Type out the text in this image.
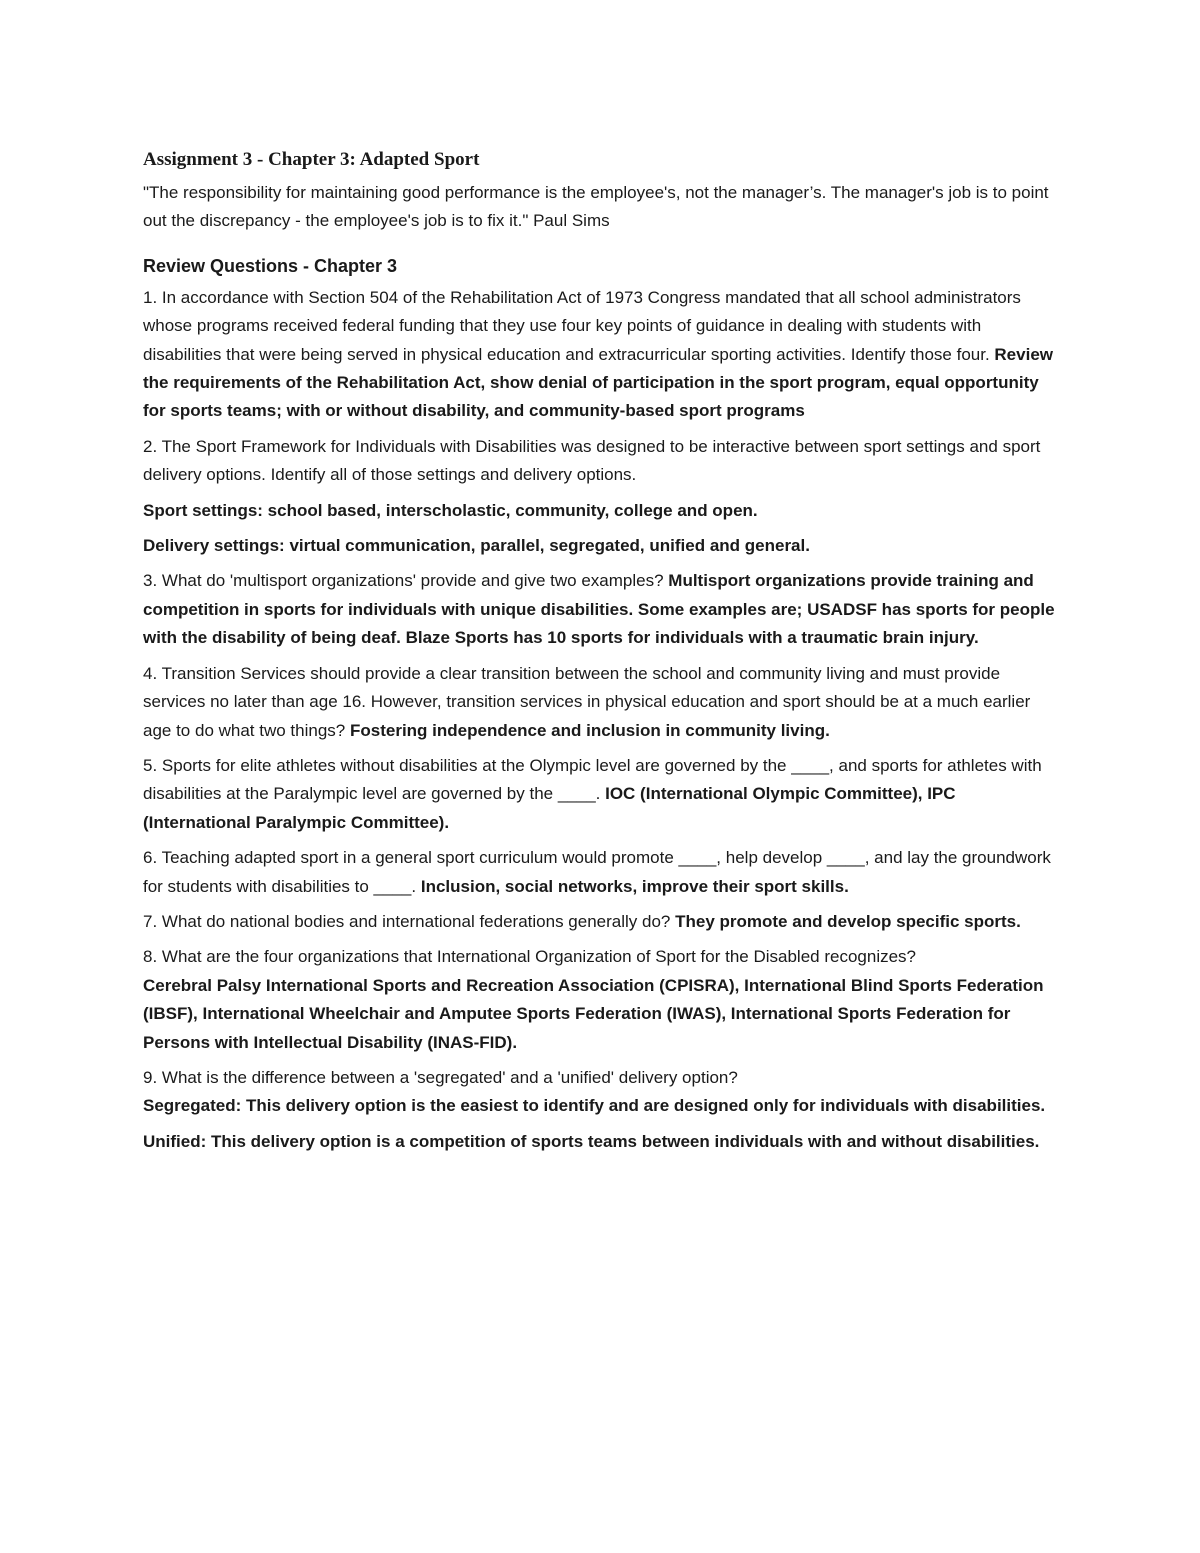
Assignment 3 - Chapter 3: Adapted Sport
"The responsibility for maintaining good performance is the employee's, not the manager’s. The manager's job is to point out the discrepancy - the employee's job is to fix it." Paul Sims
Review Questions - Chapter 3

1. In accordance with Section 504 of the Rehabilitation Act of 1973 Congress mandated that all school administrators whose programs received federal funding that they use four key points of guidance in dealing with students with disabilities that were being served in physical education and extracurricular sporting activities. Identify those four. Review the requirements of the Rehabilitation Act, show denial of participation in the sport program, equal opportunity for sports teams; with or without disability, and community-based sport programs

2. The Sport Framework for Individuals with Disabilities was designed to be interactive between sport settings and sport delivery options. Identify all of those settings and delivery options.

Sport settings: school based, interscholastic, community, college and open.

Delivery settings: virtual communication, parallel, segregated, unified and general.

3. What do 'multisport organizations' provide and give two examples? Multisport organizations provide training and competition in sports for individuals with unique disabilities. Some examples are; USADSF has sports for people with the disability of being deaf. Blaze Sports has 10 sports for individuals with a traumatic brain injury.

4. Transition Services should provide a clear transition between the school and community living and must provide services no later than age 16. However, transition services in physical education and sport should be at a much earlier age to do what two things? Fostering independence and inclusion in community living.

5. Sports for elite athletes without disabilities at the Olympic level are governed by the ____, and sports for athletes with disabilities at the Paralympic level are governed by the ____. IOC (International Olympic Committee), IPC (International Paralympic Committee).

6. Teaching adapted sport in a general sport curriculum would promote ____, help develop ____, and lay the groundwork for students with disabilities to ____. Inclusion, social networks, improve their sport skills.

7. What do national bodies and international federations generally do? They promote and develop specific sports.

8. What are the four organizations that International Organization of Sport for the Disabled recognizes?
Cerebral Palsy International Sports and Recreation Association (CPISRA), International Blind Sports Federation (IBSF), International Wheelchair and Amputee Sports Federation (IWAS), International Sports Federation for Persons with Intellectual Disability (INAS-FID).

9. What is the difference between a 'segregated' and a 'unified' delivery option?
Segregated: This delivery option is the easiest to identify and are designed only for individuals with disabilities.

Unified: This delivery option is a competition of sports teams between individuals with and without disabilities.
